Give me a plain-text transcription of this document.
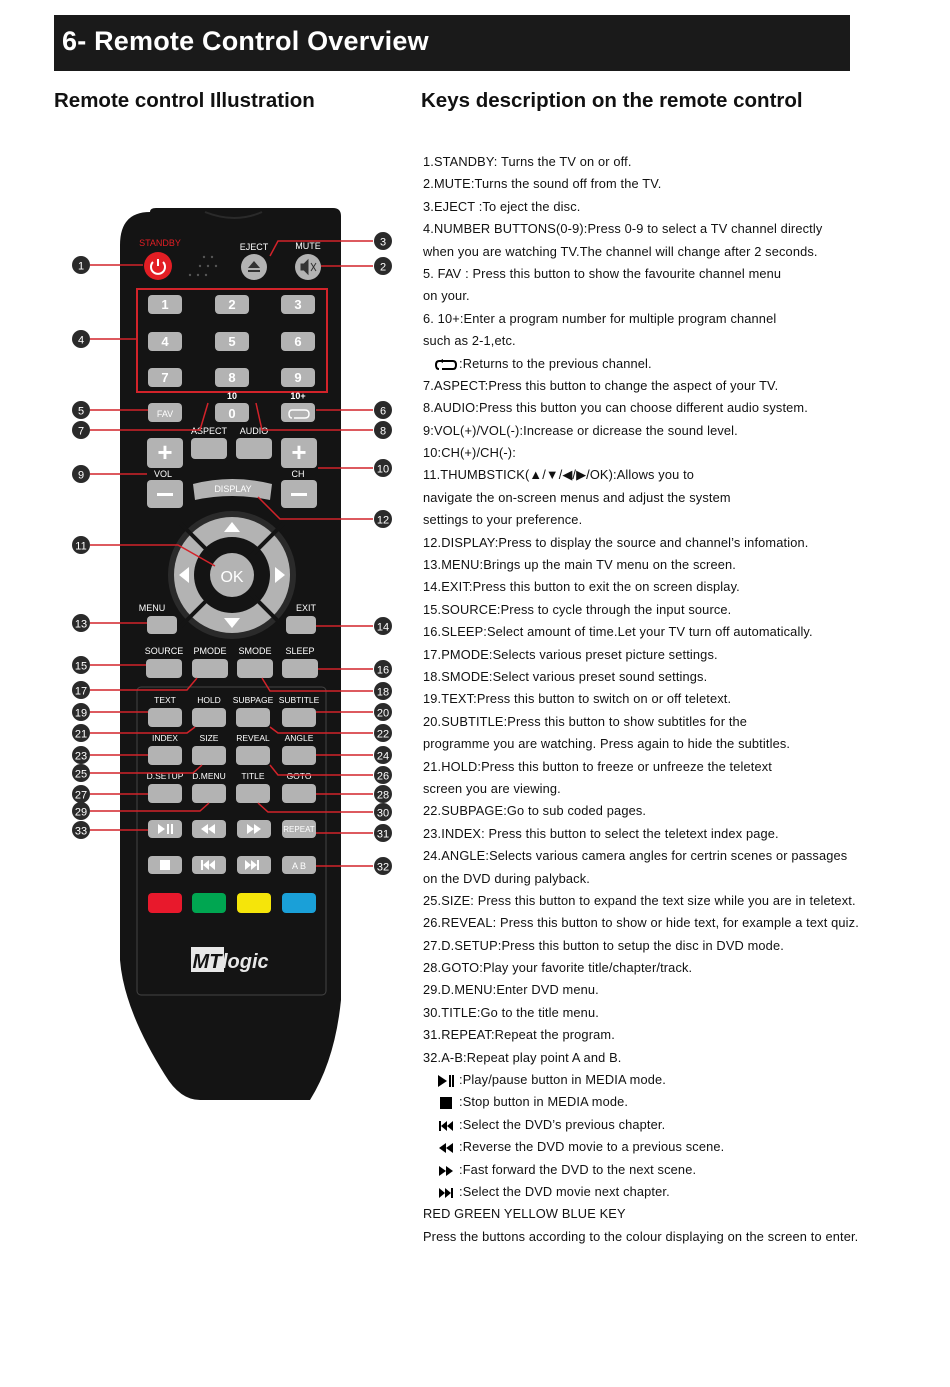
6- Remote Control Overview
Remote control Illustration	Keys description on the remote control
1.STANDBY: Turns the TV on or off.
2.MUTE:Turns the sound off from the TV.
3.EJECT :To eject the disc.
4.NUMBER BUTTONS(0-9):Press 0-9 to select a TV channel directly
when you are watching TV.The channel will change after 2 seconds.
5. FAV : Press this button to show the favourite channel menu
on your.
6. 10+:Enter a program number for multiple program channel
such as 2-1,etc.
:Returns to the previous channel.
7.ASPECT:Press this button to change the aspect of your TV.
8.AUDIO:Press this button you can choose different audio system.
9:VOL(+)/VOL(-):Increase or dicrease the sound level.
10:CH(+)/CH(-):
11.THUMBSTICK(▲/▼/◀/▶/OK):Allows you to
navigate the on-screen menus and adjust the system
settings to your preference.
12.DISPLAY:Press to display the source and channel’s infomation.
13.MENU:Brings up the main TV menu on the screen.
14.EXIT:Press this button to exit the on screen display.
15.SOURCE:Press to cycle through the input source.
16.SLEEP:Select amount of time.Let your TV turn off automatically.
17.PMODE:Selects various preset picture settings.
18.SMODE:Select various preset sound settings.
19.TEXT:Press this button to switch on or off teletext.
20.SUBTITLE:Press this button to show subtitles for the
programme you are watching. Press again to hide the subtitles.
21.HOLD:Press this button to freeze or unfreeze the teletext
screen you are viewing.
22.SUBPAGE:Go to sub coded pages.
23.INDEX: Press this button to select the teletext index page.
24.ANGLE:Selects various camera angles for certrin scenes or passages
on the DVD during palyback.
25.SIZE: Press this button to expand the text size while you are in teletext.
26.REVEAL: Press this button to show or hide text, for example a text quiz.
27.D.SETUP:Press this button to setup the disc in DVD mode.
28.GOTO:Play your favorite title/chapter/track.
29.D.MENU:Enter DVD menu.
30.TITLE:Go to the title menu.
31.REPEAT:Repeat the program.
32.A-B:Repeat play point A and B.
:Play/pause button in MEDIA mode.
:Stop button in MEDIA mode.
:Select the DVD’s previous chapter.
:Reverse the DVD movie to a previous scene.
:Fast forward the DVD to the next scene.
:Select the DVD movie next chapter.
RED GREEN YELLOW BLUE KEY
Press the buttons according to the colour displaying on the screen to enter.
STANDBY	EJECT	MUTE
1	2	3
4	5	6
7	8	9
FAV	0
10	10+
ASPECT AUDIO
+
VOL
+
CH
DISPLAY
OK
MENU	EXIT
SOURCE PMODE SMODE SLEEP
TEXT	HOLD SUBPAGE SUBTITLE
INDEX	SIZE REVEAL ANGLE
D.SETUP D.MENU TITLE	GOTO
REPEAT
A B
MT logic
1
4
5
7
9
11
13
15
17
19
21
23
25
27
29
33
3
2
6
8
10
12
14
16
18
20
22
24
26
28
30
31
32
